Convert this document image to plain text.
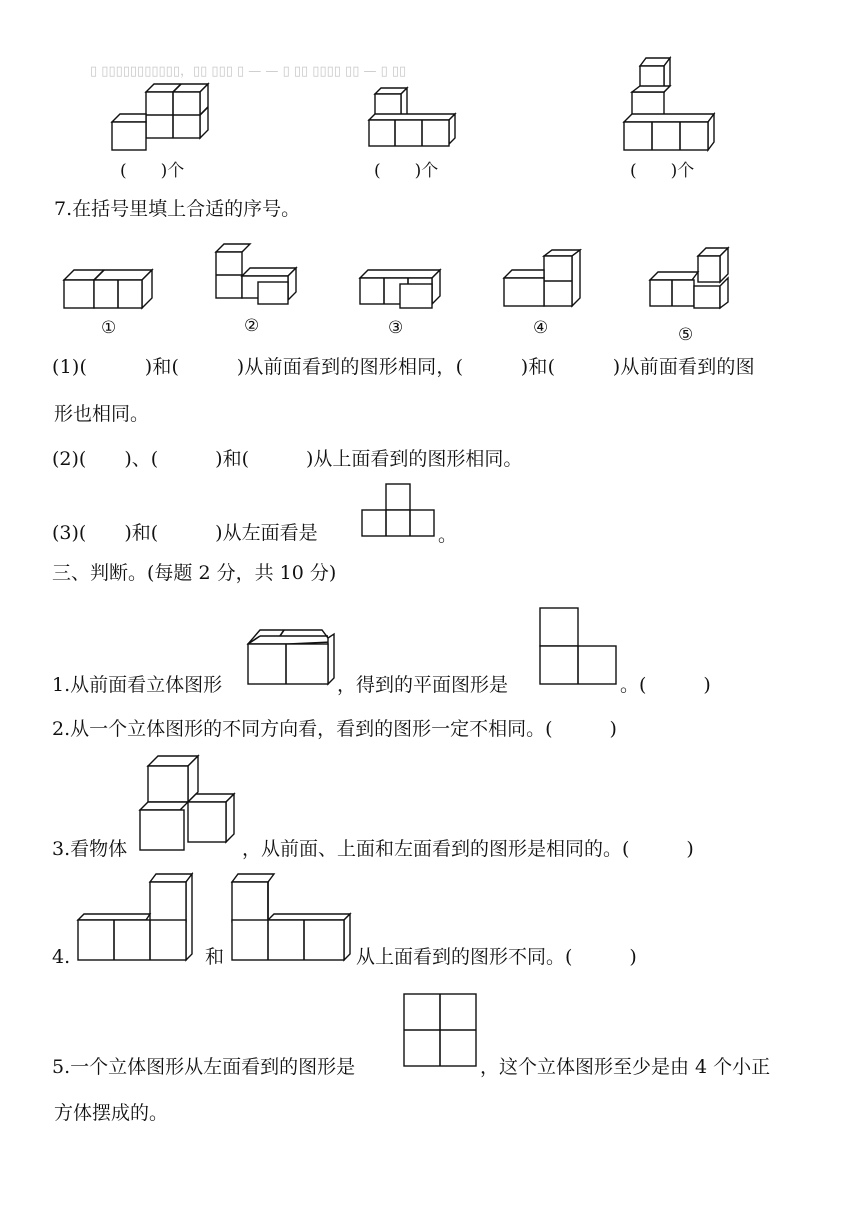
▯ ▯▯▯▯▯▯▯▯▯▯▯，▯▯ ▯▯▯ ▯ — — ▯ ▯▯ ▯▯▯▯ ▯▯ — ▯ ▯▯
(　　)个	(　　)个	(　　)个
7.在括号里填上合适的序号。
①	②	③	④	⑤
(1)(　　　)和(　　　)从前面看到的图形相同，(　　　)和(　　　)从前面看到的图
形也相同。
(2)(　　)、(　　　)和(　　　)从上面看到的图形相同。
(3)(　　)和(　　　)从左面看是	。
三、判断。(每题 2 分，共 10 分)
1.从前面看立体图形	，得到的平面图形是	。(　　　)
2.从一个立体图形的不同方向看，看到的图形一定不相同。(　　　)
3.看物体	，从前面、上面和左面看到的图形是相同的。(　　　)
4.	和	从上面看到的图形不同。(　　　)
5.一个立体图形从左面看到的图形是	，这个立体图形至少是由 4 个小正
方体摆成的。
